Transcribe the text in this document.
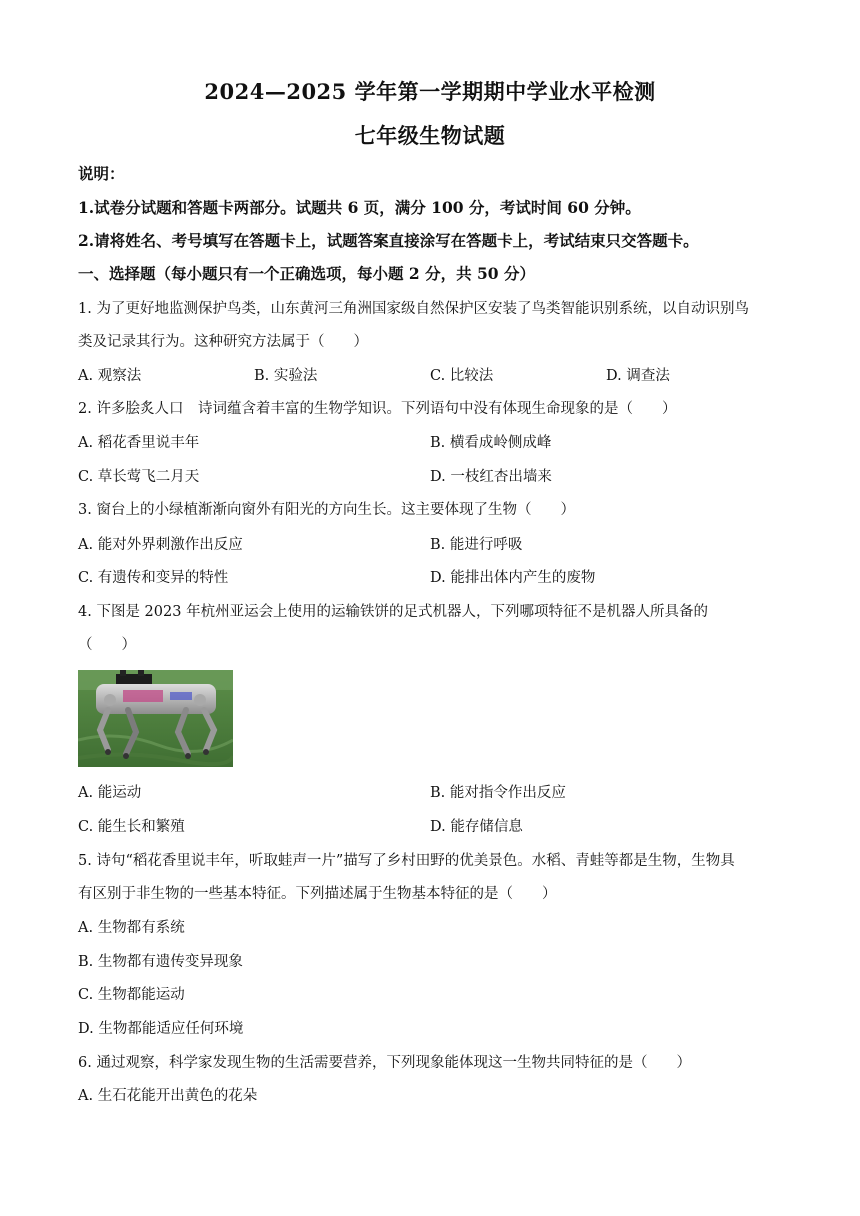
2024—2025 学年第一学期期中学业水平检测
七年级生物试题
说明：
1.试卷分试题和答题卡两部分。试题共 6 页，满分 100 分，考试时间 60 分钟。
2.请将姓名、考号填写在答题卡上，试题答案直接涂写在答题卡上，考试结束只交答题卡。
一、选择题（每小题只有一个正确选项，每小题 2 分，共 50 分）
1. 为了更好地监测保护鸟类，山东黄河三角洲国家级自然保护区安装了鸟类智能识别系统，以自动识别鸟
类及记录其行为。这种研究方法属于（　　）
A. 观察法	B. 实验法	C. 比较法	D. 调查法
2. 许多脍炙人口　诗词蕴含着丰富的生物学知识。下列语句中没有体现生命现象的是（　　）
A. 稻花香里说丰年	B. 横看成岭侧成峰
C. 草长莺飞二月天	D. 一枝红杏出墙来
3. 窗台上的小绿植渐渐向窗外有阳光的方向生长。这主要体现了生物（　　）
A. 能对外界刺激作出反应	B. 能进行呼吸
C. 有遗传和变异的特性	D. 能排出体内产生的废物
4. 下图是 2023 年杭州亚运会上使用的运输铁饼的足式机器人，下列哪项特征不是机器人所具备的
（　　）
A. 能运动	B. 能对指令作出反应
C. 能生长和繁殖	D. 能存储信息
5. 诗句“稻花香里说丰年，听取蛙声一片”描写了乡村田野的优美景色。水稻、青蛙等都是生物，生物具
有区别于非生物的一些基本特征。下列描述属于生物基本特征的是（　　）
A. 生物都有系统
B. 生物都有遗传变异现象
C. 生物都能运动
D. 生物都能适应任何环境
6. 通过观察，科学家发现生物的生活需要营养，下列现象能体现这一生物共同特征的是（　　）
A. 生石花能开出黄色的花朵
